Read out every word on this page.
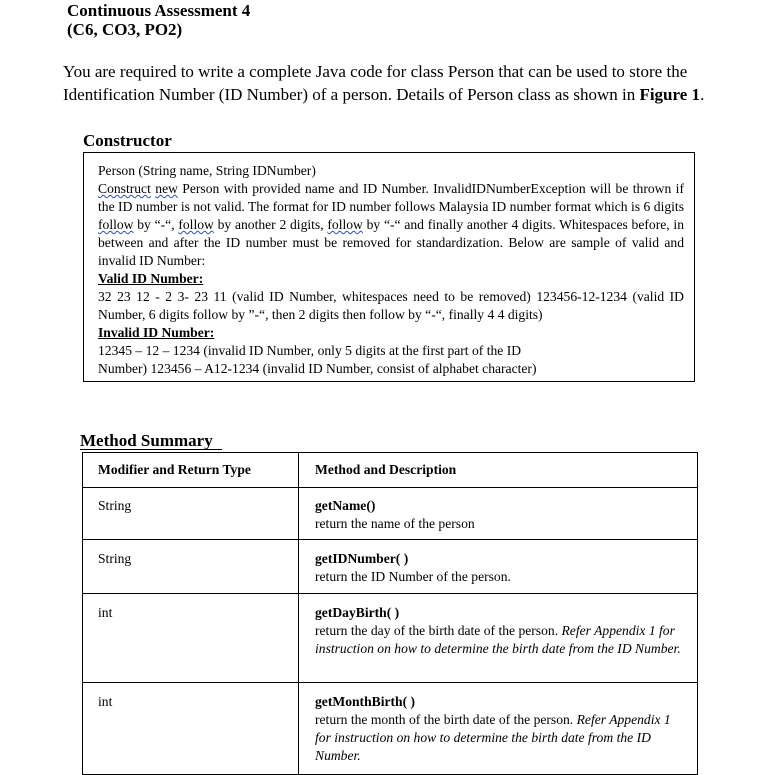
Continuous Assessment 4
(C6, CO3, PO2)
You are required to write a complete Java code for class Person that can be used to store the Identification Number (ID Number) of a person. Details of Person class as shown in Figure 1.
Constructor

Person (String name, String IDNumber)

Construct new Person with provided name and ID Number. InvalidIDNumberException will be thrown if the ID number is not valid. The format for ID number follows Malaysia ID number format which is 6 digits follow by “-“, follow by another 2 digits, follow by “-“ and finally another 4 digits. Whitespaces before, in between and after the ID number must be removed for standardization. Below are sample of valid and invalid ID Number:

Valid ID Number:

32 23 12 - 2 3- 23 11 (valid ID Number, whitespaces need to be removed) 123456-12-1234 (valid ID Number, 6 digits follow by ”-“, then 2 digits then follow by “-“, finally 4 4 digits)

Invalid ID Number:

12345 – 12 – 1234 (invalid ID Number, only 5 digits at the first part of the ID Number) 123456 – A12-1234 (invalid ID Number, consist of alphabet character)

Method Summary
Modifier and Return Type	Method and Description
String	getName()
return the name of the person

String	getIDNumber( )
return the ID Number of the person.

int	getDayBirth( )
return the day of the birth date of the person. Refer Appendix 1 for instruction on how to determine the birth date from the ID Number.

int	getMonthBirth( )
return the month of the birth date of the person. Refer Appendix 1 for instruction on how to determine the birth date from the ID Number.
